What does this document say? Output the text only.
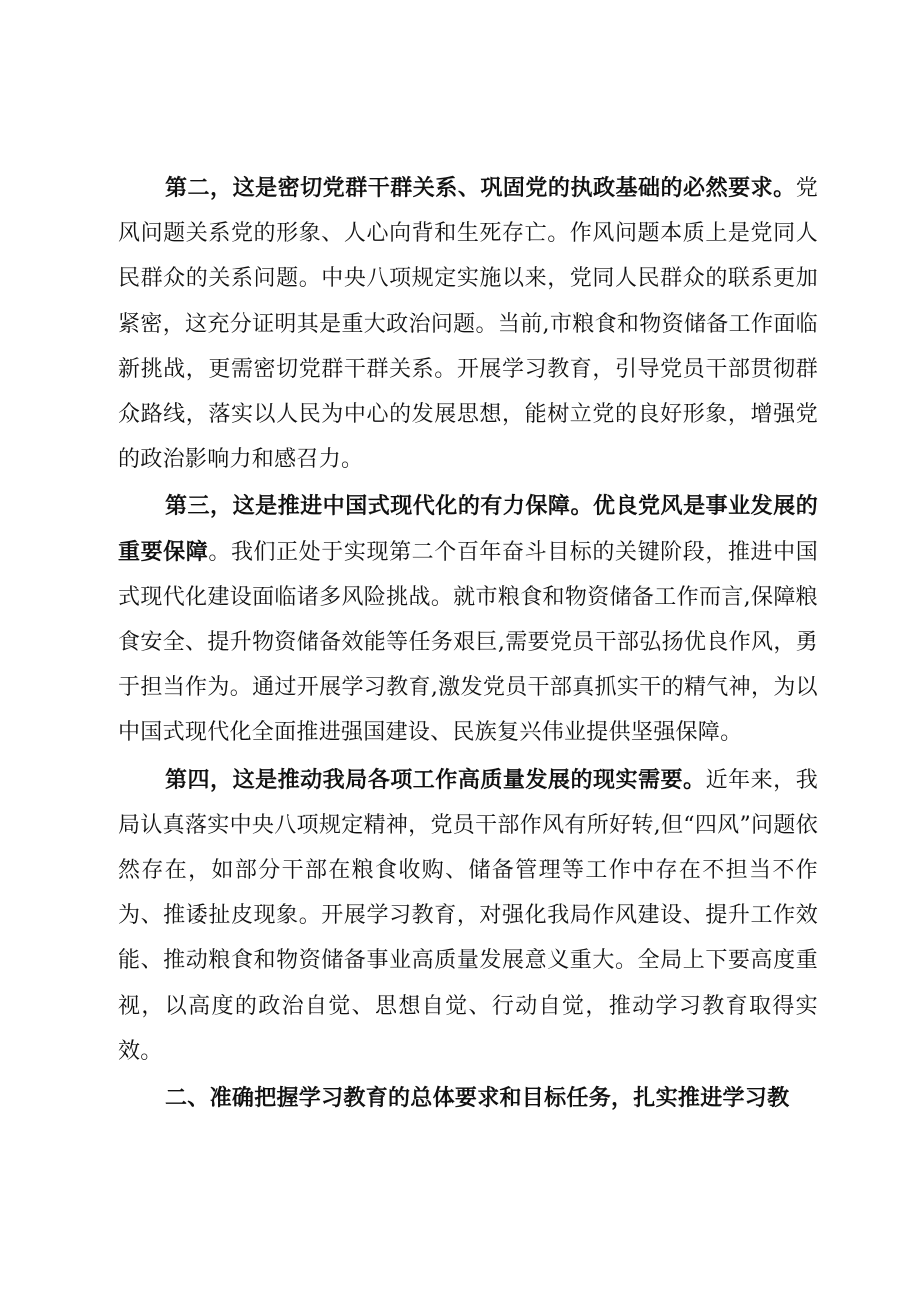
第二，这是密切党群干群关系、巩固党的执政基础的必然要求。党风问题关系党的形象、人心向背和生死存亡。作风问题本质上是党同人民群众的关系问题。中央八项规定实施以来，党同人民群众的联系更加紧密，这充分证明其是重大政治问题。当前,市粮食和物资储备工作面临新挑战，更需密切党群干群关系。开展学习教育，引导党员干部贯彻群众路线，落实以人民为中心的发展思想，能树立党的良好形象，增强党的政治影响力和感召力。

第三，这是推进中国式现代化的有力保障。优良党风是事业发展的重要保障。我们正处于实现第二个百年奋斗目标的关键阶段，推进中国式现代化建设面临诸多风险挑战。就市粮食和物资储备工作而言,保障粮食安全、提升物资储备效能等任务艰巨,需要党员干部弘扬优良作风，勇于担当作为。通过开展学习教育,激发党员干部真抓实干的精气神，为以中国式现代化全面推进强国建设、民族复兴伟业提供坚强保障。

第四，这是推动我局各项工作高质量发展的现实需要。近年来，我局认真落实中央八项规定精神，党员干部作风有所好转,但“四风”问题依然存在，如部分干部在粮食收购、储备管理等工作中存在不担当不作为、推诿扯皮现象。开展学习教育，对强化我局作风建设、提升工作效能、推动粮食和物资储备事业高质量发展意义重大。全局上下要高度重视，以高度的政治自觉、思想自觉、行动自觉，推动学习教育取得实效。

二、准确把握学习教育的总体要求和目标任务，扎实推进学习教
